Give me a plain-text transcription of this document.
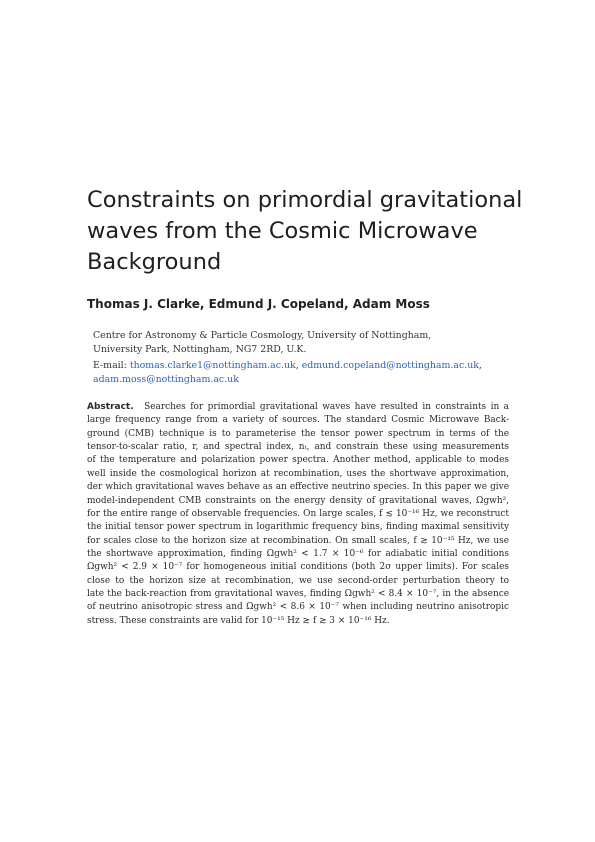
Constraints on primordial gravitational
waves from the Cosmic Microwave
Background
Thomas J. Clarke, Edmund J. Copeland, Adam Moss
Centre for Astronomy & Particle Cosmology, University of Nottingham,
University Park, Nottingham, NG7 2RD, U.K.
E-mail: thomas.clarke1@nottingham.ac.uk, edmund.copeland@nottingham.ac.uk,
adam.moss@nottingham.ac.uk
Abstract. Searches for primordial gravitational waves have resulted in constraints in a
large frequency range from a variety of sources. The standard Cosmic Microwave Back-
ground (CMB) technique is to parameterise the tensor power spectrum in terms of the
tensor-to-scalar ratio, r, and spectral index, nₜ, and constrain these using measurements
of the temperature and polarization power spectra. Another method, applicable to modes
well inside the cosmological horizon at recombination, uses the shortwave approximation,
der which gravitational waves behave as an effective neutrino species. In this paper we give
model-independent CMB constraints on the energy density of gravitational waves, Ωgwh²,
for the entire range of observable frequencies. On large scales, f ≲ 10⁻¹⁶ Hz, we reconstruct
the initial tensor power spectrum in logarithmic frequency bins, finding maximal sensitivity
for scales close to the horizon size at recombination. On small scales, f ≳ 10⁻¹⁵ Hz, we use
the shortwave approximation, finding Ωgwh² < 1.7 × 10⁻⁶ for adiabatic initial conditions
Ωgwh² < 2.9 × 10⁻⁷ for homogeneous initial conditions (both 2σ upper limits). For scales
close to the horizon size at recombination, we use second-order perturbation theory to
late the back-reaction from gravitational waves, finding Ωgwh² < 8.4 × 10⁻⁷, in the absence
of neutrino anisotropic stress and Ωgwh² < 8.6 × 10⁻⁷ when including neutrino anisotropic
stress. These constraints are valid for 10⁻¹⁵ Hz ≳ f ≳ 3 × 10⁻¹⁶ Hz.
